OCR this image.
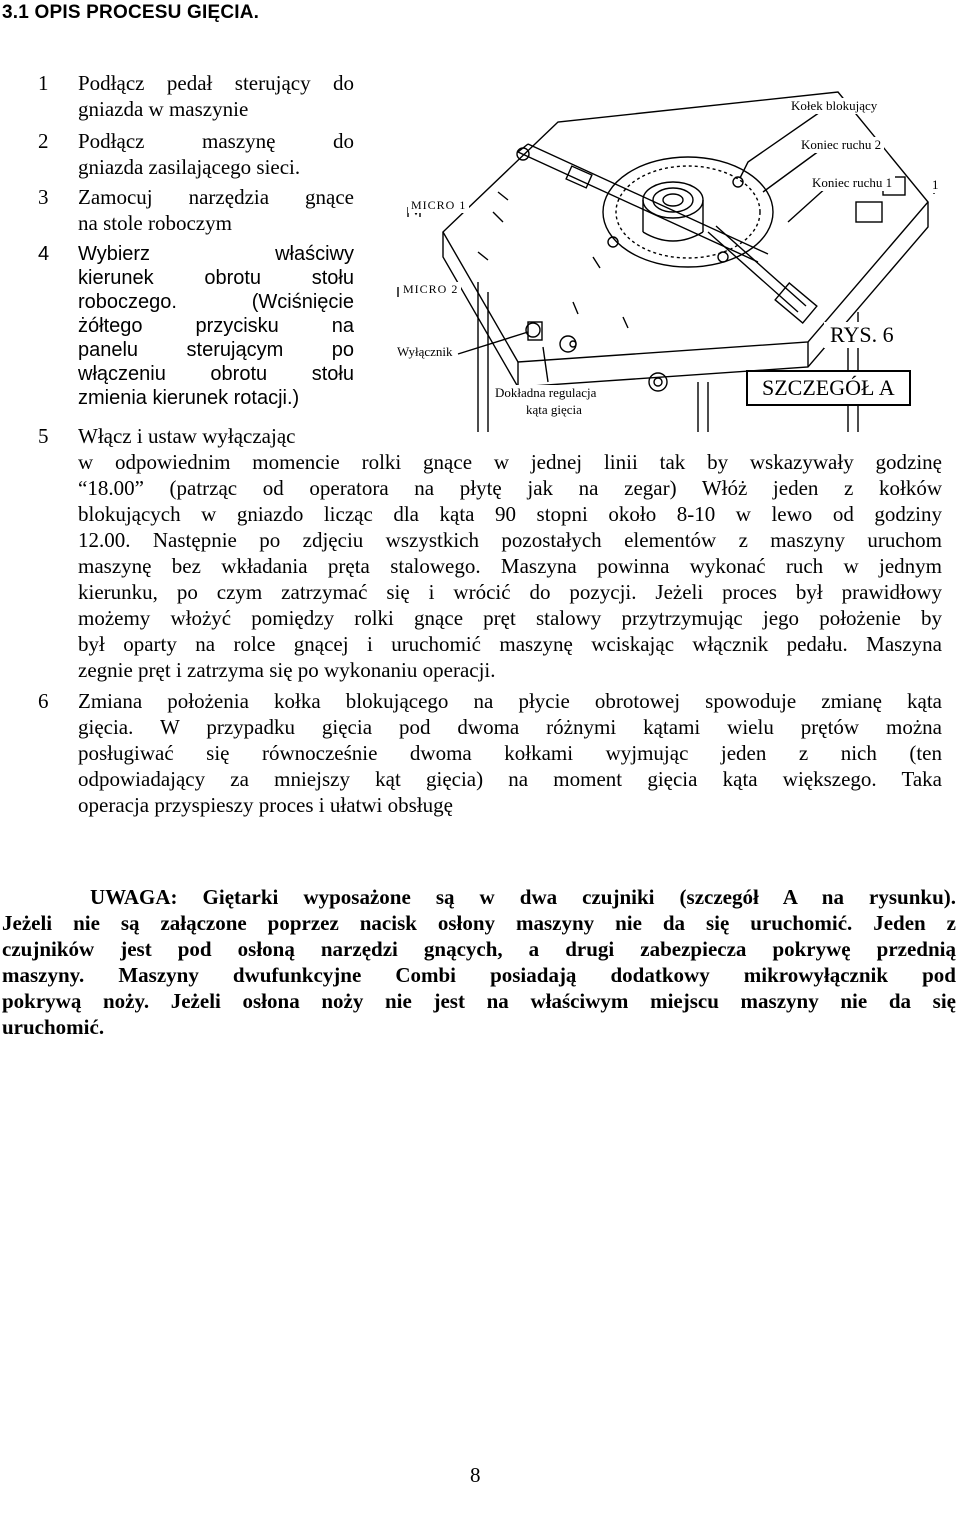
3.1 OPIS PROCESU GIĘCIA.
1 Podłącz pedał sterujący do

gniazda w maszynie

2 Podłącz maszynę do

gniazda zasilającego sieci.

3 Zamocuj narzędzia gnące

na stole roboczym

4 Wybierz właściwy

kierunek obrotu stołu

roboczego. (Wciśnięcie

żółtego przycisku na

panelu sterującym po

włączeniu obrotu stołu

zmienia kierunek rotacji.)

Kołek blokujący
Koniec ruchu 2
Koniec ruchu 1
MICRO 1
MICRO 2
Wyłącznik
Dokładna regulacja
kąta gięcia
1
RYS. 6
SZCZEGÓŁ A
5 Włącz i ustaw wyłączając

w odpowiednim momencie rolki gnące w jednej linii tak by wskazywały godzinę

“18.00” (patrząc od operatora na płytę jak na zegar) Włóż jeden z kołków

blokujących w gniazdo licząc dla kąta 90 stopni około 8-10 w lewo od godziny

12.00. Następnie po zdjęciu wszystkich pozostałych elementów z maszyny uruchom

maszynę bez wkładania pręta stalowego. Maszyna powinna wykonać ruch w jednym

kierunku, po czym zatrzymać się i wrócić do pozycji. Jeżeli proces był prawidłowy

możemy włożyć pomiędzy rolki gnące pręt stalowy przytrzymując jego położenie by

był oparty na rolce gnącej i uruchomić maszynę wciskając włącznik pedału. Maszyna

zegnie pręt i zatrzyma się po wykonaniu operacji.

6 Zmiana położenia kołka blokującego na płycie obrotowej spowoduje zmianę kąta

gięcia. W przypadku gięcia pod dwoma różnymi kątami wielu prętów można

posługiwać się równocześnie dwoma kołkami wyjmując jeden z nich (ten

odpowiadający za mniejszy kąt gięcia) na moment gięcia kąta większego. Taka

operacja przyspieszy proces i ułatwi obsługę

UWAGA: Giętarki wyposażone są w dwa czujniki (szczegół A na rysunku).

Jeżeli nie są załączone poprzez nacisk osłony maszyny nie da się uruchomić. Jeden z

czujników jest pod osłoną narzędzi gnących, a drugi zabezpiecza pokrywę przednią

maszyny. Maszyny dwufunkcyjne Combi posiadają dodatkowy mikrowyłącznik pod

pokrywą noży. Jeżeli osłona noży nie jest na właściwym miejscu maszyny nie da się

uruchomić.

8
